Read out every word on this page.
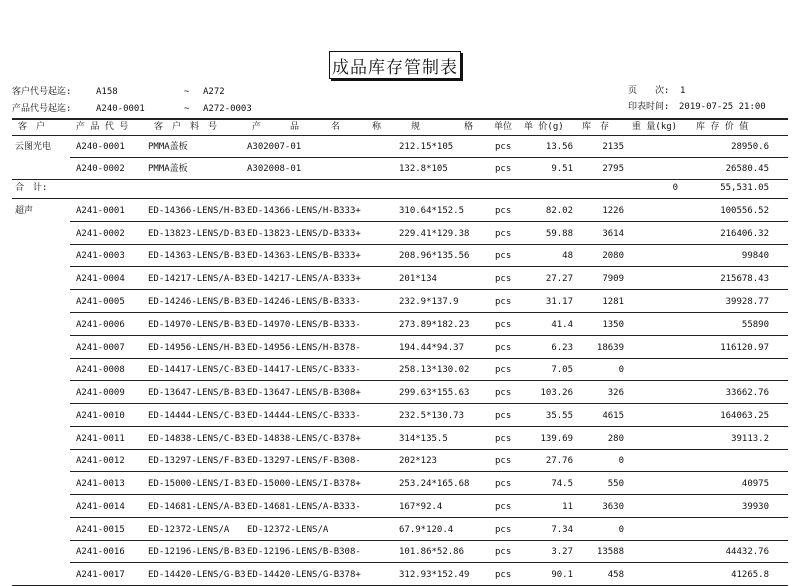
成品库存管制表
客户代号起迄:	A158	~ A272
产品代号起迄:	A240-0001	~ A272-0003
页　　次: 1
印表时间: 2019-07-25 21:00
客　户	产 品 代 号	客　户　料　号	产	品	名	称	规	格 单位 单 价(g) 库　存	重 量(kg) 库 存 价 值
云图光电	A240-0001	PMMA盖板	A302007-01	212.15*105	pcs	13.56	2135	28950.6
A240-0002	PMMA盖板	A302008-01	132.8*105	pcs	9.51	2795	26580.45
合　计:	0	55,531.05
超声	A241-0001	ED-14366-LENS/H-B3 ED-14366-LENS/H-B333+	310.64*152.5	pcs	82.02	1226	100556.52
A241-0002	ED-13823-LENS/D-B3 ED-13823-LENS/D-B333+	229.41*129.38	pcs	59.88	3614	216406.32
A241-0003	ED-14363-LENS/B-B3 ED-14363-LENS/B-B333+	208.96*135.56	pcs	48	2080	99840
A241-0004	ED-14217-LENS/A-B3 ED-14217-LENS/A-B333+	201*134	pcs	27.27	7909	215678.43
A241-0005	ED-14246-LENS/B-B3 ED-14246-LENS/B-B333-	232.9*137.9	pcs	31.17	1281	39928.77
A241-0006	ED-14970-LENS/B-B3 ED-14970-LENS/B-B333-	273.89*182.23	pcs	41.4	1350	55890
A241-0007	ED-14956-LENS/H-B3 ED-14956-LENS/H-B378-	194.44*94.37	pcs	6.23	18639	116120.97
A241-0008	ED-14417-LENS/C-B3 ED-14417-LENS/C-B333-	258.13*130.02	pcs	7.05	0
A241-0009	ED-13647-LENS/B-B3 ED-13647-LENS/B-B308+	299.63*155.63	pcs	103.26	326	33662.76
A241-0010	ED-14444-LENS/C-B3 ED-14444-LENS/C-B333-	232.5*130.73	pcs	35.55	4615	164063.25
A241-0011	ED-14838-LENS/C-B3 ED-14838-LENS/C-B378+	314*135.5	pcs	139.69	280	39113.2
A241-0012	ED-13297-LENS/F-B3 ED-13297-LENS/F-B308-	202*123	pcs	27.76	0
A241-0013	ED-15000-LENS/I-B3 ED-15000-LENS/I-B378+	253.24*165.68	pcs	74.5	550	40975
A241-0014	ED-14681-LENS/A-B3 ED-14681-LENS/A-B333-	167*92.4	pcs	11	3630	39930
A241-0015	ED-12372-LENS/A ED-12372-LENS/A	67.9*120.4	pcs	7.34	0
A241-0016	ED-12196-LENS/B-B3 ED-12196-LENS/B-B308-	101.86*52.86	pcs	3.27	13588	44432.76
A241-0017	ED-14420-LENS/G-B3 ED-14420-LENS/G-B378+	312.93*152.49	pcs	90.1	458	41265.8
